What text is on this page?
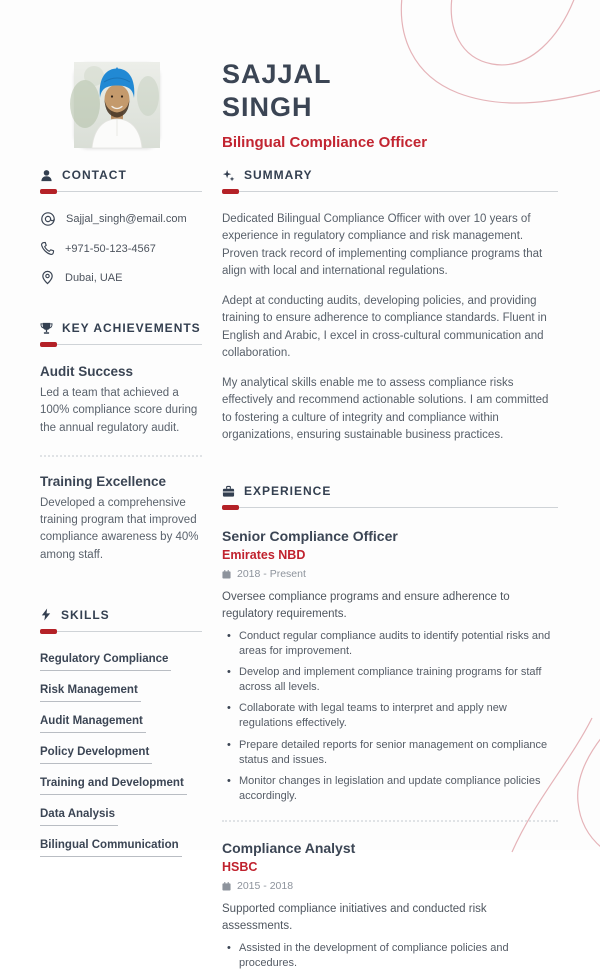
SAJJAL
SINGH
Bilingual Compliance Officer
CONTACT
Sajjal_singh@email.com
+971-50-123-4567
Dubai, UAE
KEY ACHIEVEMENTS
Audit Success
Led a team that achieved a 100% compliance score during the annual regulatory audit.
Training Excellence
Developed a comprehensive training program that improved compliance awareness by 40% among staff.
SKILLS
Regulatory Compliance
Risk Management
Audit Management
Policy Development
Training and Development
Data Analysis
Bilingual Communication
SUMMARY

Dedicated Bilingual Compliance Officer with over 10 years of experience in regulatory compliance and risk management. Proven track record of implementing compliance programs that align with local and international regulations.

Adept at conducting audits, developing policies, and providing training to ensure adherence to compliance standards. Fluent in English and Arabic, I excel in cross-cultural communication and collaboration.

My analytical skills enable me to assess compliance risks effectively and recommend actionable solutions. I am committed to fostering a culture of integrity and compliance within organizations, ensuring sustainable business practices.

EXPERIENCE
Senior Compliance Officer
Emirates NBD
2018 - Present
Oversee compliance programs and ensure adherence to regulatory requirements.
• Conduct regular compliance audits to identify potential risks and areas for improvement.
• Develop and implement compliance training programs for staff across all levels.
• Collaborate with legal teams to interpret and apply new regulations effectively.
• Prepare detailed reports for senior management on compliance status and issues.
• Monitor changes in legislation and update compliance policies accordingly.
Compliance Analyst
HSBC
2015 - 2018
Supported compliance initiatives and conducted risk assessments.
• Assisted in the development of compliance policies and procedures.
